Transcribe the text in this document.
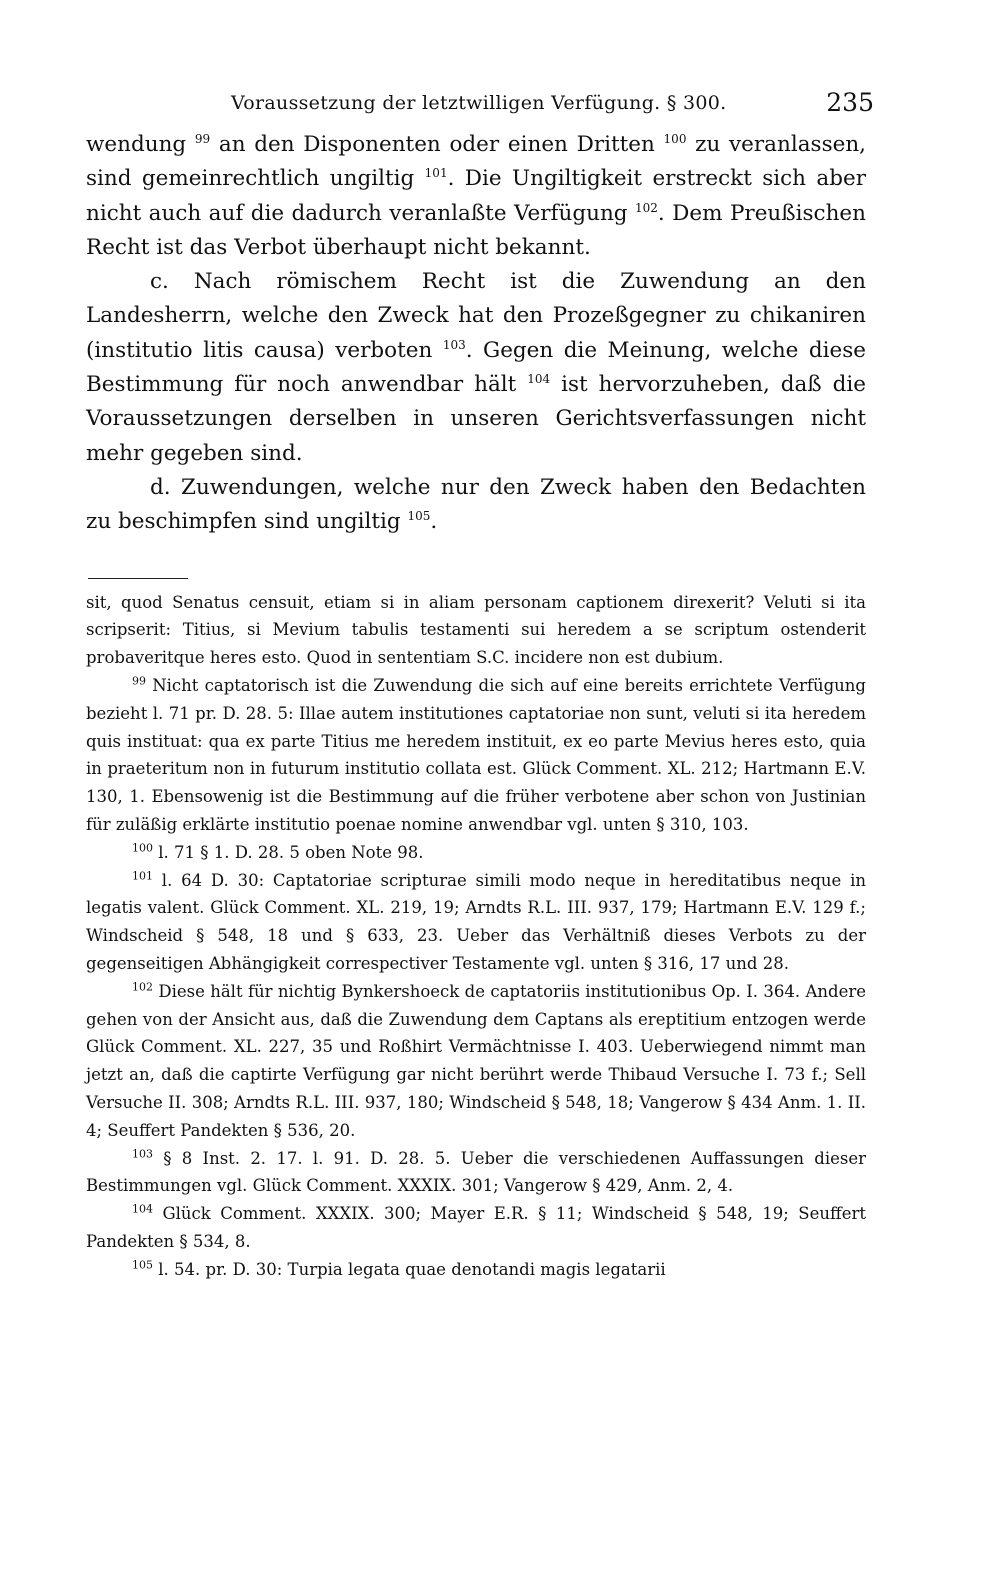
Voraussetzung der letztwilligen Verfügung. § 300.	235

wendung $^{99}$ an den Disponenten oder einen Dritten $^{100}$ zu veranlassen, sind gemeinrechtlich ungiltig $^{101}$. Die Ungiltigkeit erstreckt sich aber nicht auch auf die dadurch veranlaßte Verfügung $^{102}$. Dem Preußischen Recht ist das Verbot überhaupt nicht bekannt.

c. Nach römischem Recht ist die Zuwendung an den Landesherrn, welche den Zweck hat den Prozeßgegner zu chikaniren (institutio litis causa) verboten $^{103}$. Gegen die Meinung, welche diese Bestimmung für noch anwendbar hält $^{104}$ ist hervorzuheben, daß die Voraussetzungen derselben in unseren Gerichtsverfassungen nicht mehr gegeben sind.

d. Zuwendungen, welche nur den Zweck haben den Bedachten zu beschimpfen sind ungiltig $^{105}$.

sit, quod Senatus censuit, etiam si in aliam personam captionem direxerit? Veluti si ita scripserit: Titius, si Mevium tabulis testamenti sui heredem a se scriptum ostenderit probaveritque heres esto. Quod in sententiam S.C. incidere non est dubium.

$^{99}$ Nicht captatorisch ist die Zuwendung die sich auf eine bereits errichtete Verfügung bezieht l. 71 pr. D. 28. 5: Illae autem institutiones captatoriae non sunt, veluti si ita heredem quis instituat: qua ex parte Titius me heredem instituit, ex eo parte Mevius heres esto, quia in praeteritum non in futurum institutio collata est. Glück Comment. XL. 212; Hartmann E.V. 130, 1. Ebensowenig ist die Bestimmung auf die früher verbotene aber schon von Justinian für zuläßig erklärte institutio poenae nomine anwendbar vgl. unten § 310, 103.

$^{100}$ l. 71 § 1. D. 28. 5 oben Note 98.

$^{101}$ l. 64 D. 30: Captatoriae scripturae simili modo neque in hereditatibus neque in legatis valent. Glück Comment. XL. 219, 19; Arndts R.L. III. 937, 179; Hartmann E.V. 129 f.; Windscheid § 548, 18 und § 633, 23. Ueber das Verhältniß dieses Verbots zu der gegenseitigen Abhängigkeit correspectiver Testamente vgl. unten § 316, 17 und 28.

$^{102}$ Diese hält für nichtig Bynkershoeck de captatoriis institutionibus Op. I. 364. Andere gehen von der Ansicht aus, daß die Zuwendung dem Captans als ereptitium entzogen werde Glück Comment. XL. 227, 35 und Roßhirt Vermächtnisse I. 403. Ueberwiegend nimmt man jetzt an, daß die captirte Verfügung gar nicht berührt werde Thibaud Versuche I. 73 f.; Sell Versuche II. 308; Arndts R.L. III. 937, 180; Windscheid § 548, 18; Vangerow § 434 Anm. 1. II. 4; Seuffert Pandekten § 536, 20.

$^{103}$ § 8 Inst. 2. 17. l. 91. D. 28. 5. Ueber die verschiedenen Auffassungen dieser Bestimmungen vgl. Glück Comment. XXXIX. 301; Vangerow § 429, Anm. 2, 4.

$^{104}$ Glück Comment. XXXIX. 300; Mayer E.R. § 11; Windscheid § 548, 19; Seuffert Pandekten § 534, 8.

$^{105}$ l. 54. pr. D. 30: Turpia legata quae denotandi magis legatarii
